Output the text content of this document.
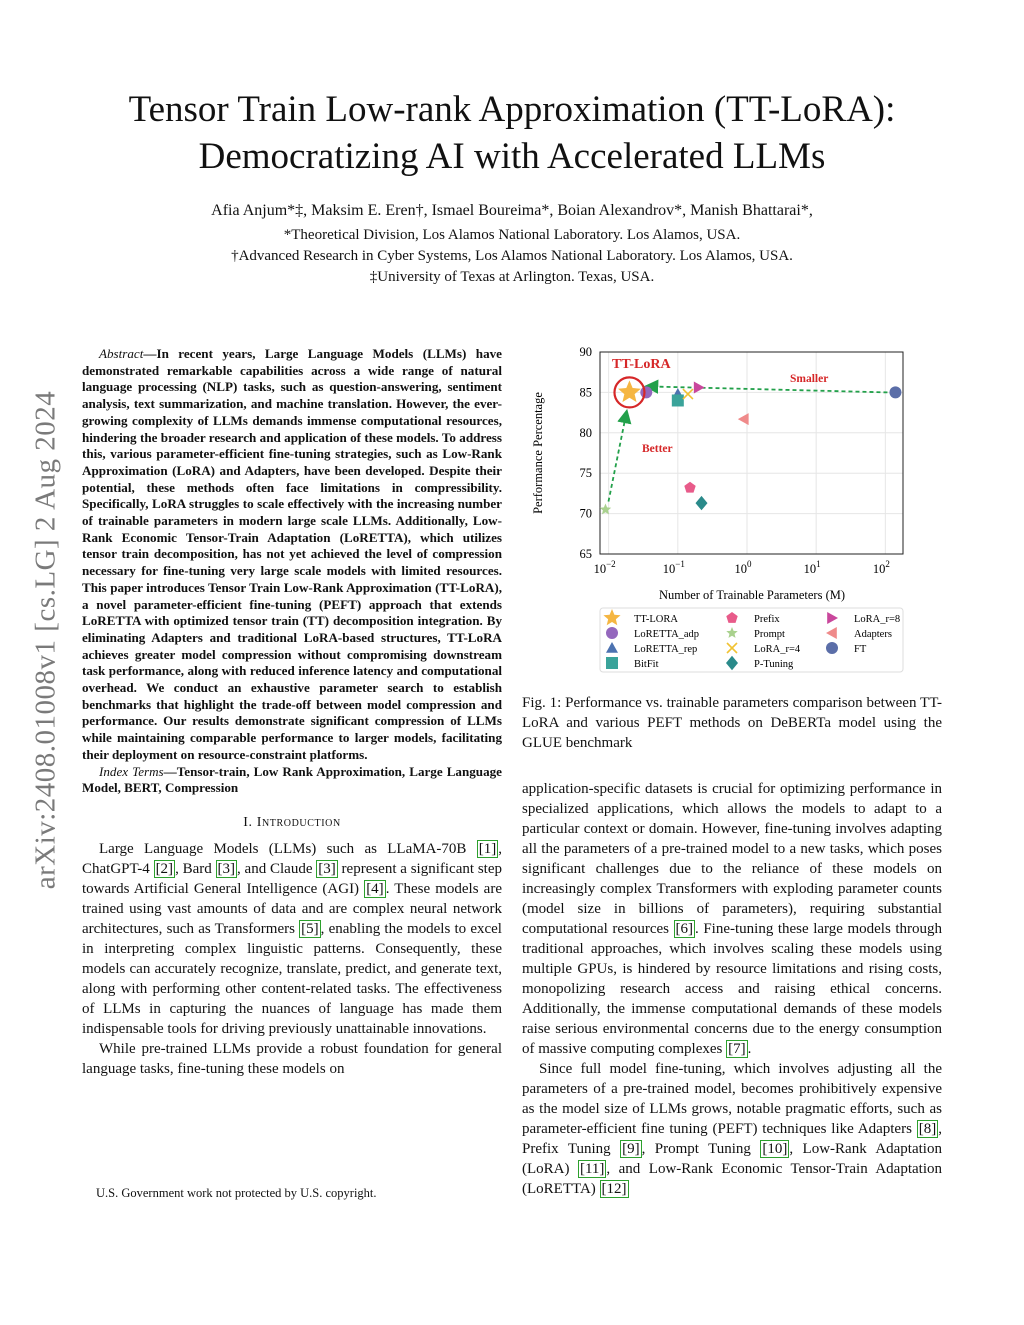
Tensor Train Low-rank Approximation (TT-LoRA):
Democratizing AI with Accelerated LLMs
Afia Anjum*‡, Maksim E. Eren†, Ismael Boureima*, Boian Alexandrov*, Manish Bhattarai*,
*Theoretical Division, Los Alamos National Laboratory. Los Alamos, USA.
†Advanced Research in Cyber Systems, Los Alamos National Laboratory. Los Alamos, USA.
‡University of Texas at Arlington. Texas, USA.
arXiv:2408.01008v1 [cs.LG] 2 Aug 2024

Abstract—In recent years, Large Language Models (LLMs) have demonstrated remarkable capabilities across a wide range of natural language processing (NLP) tasks, such as question-answering, sentiment analysis, text summarization, and machine translation. However, the ever-growing complexity of LLMs demands immense computational resources, hindering the broader research and application of these models. To address this, various parameter-efficient fine-tuning strategies, such as Low-Rank Approximation (LoRA) and Adapters, have been developed. Despite their potential, these methods often face limitations in compressibility. Specifically, LoRA struggles to scale effectively with the increasing number of trainable parameters in modern large scale LLMs. Additionally, Low-Rank Economic Tensor-Train Adaptation (LoRETTA), which utilizes tensor train decomposition, has not yet achieved the level of compression necessary for fine-tuning very large scale models with limited resources. This paper introduces Tensor Train Low-Rank Approximation (TT-LoRA), a novel parameter-efficient fine-tuning (PEFT) approach that extends LoRETTA with optimized tensor train (TT) decomposition integration. By eliminating Adapters and traditional LoRA-based structures, TT-LoRA achieves greater model compression without compromising downstream task performance, along with reduced inference latency and computational overhead. We conduct an exhaustive parameter search to establish benchmarks that highlight the trade-off between model compression and performance. Our results demonstrate significant compression of LLMs while maintaining comparable performance to larger models, facilitating their deployment on resource-constraint platforms.

Index Terms—Tensor-train, Low Rank Approximation, Large Language Model, BERT, Compression

I. Introduction

Large Language Models (LLMs) such as LLaMA-70B [1] , ChatGPT-4 [2] , Bard [3] , and Claude [3] represent a significant step towards Artificial General Intelligence (AGI) [4] . These models are trained using vast amounts of data and are complex neural network architectures, such as Transformers [5] , enabling the models to excel in interpreting complex linguistic patterns. Consequently, these models can accurately recognize, translate, predict, and generate text, along with performing other content-related tasks. The effectiveness of LLMs in capturing the nuances of language has made them indispensable tools for driving previously unattainable innovations.

While pre-trained LLMs provide a robust foundation for general language tasks, fine-tuning these models on

U.S. Government work not protected by U.S. copyright.
65
70
75
80
85
90
$10^{-2}$	$10^{-1}$	$10^0$	$10^1$	$10^2$
Performance Percentage
Number of Trainable Parameters (M)
TT-LoRA
Smaller
Better
TT-LORA
LoRETTA_adp
LoRETTA_rep
BitFit
Prefix
Prompt
LoRA_r=4
P-Tuning
LoRA_r=8
Adapters
FT
Fig. 1: Performance vs. trainable parameters comparison between TT-LoRA and various PEFT methods on DeBERTa model using the GLUE benchmark

application-specific datasets is crucial for optimizing performance in specialized applications, which allows the models to adapt to a particular context or domain. However, fine-tuning involves adapting all the parameters of a pre-trained model to a new tasks, which poses significant challenges due to the reliance of these models on increasingly complex Transformers with exploding parameter counts (model size in billions of parameters), requiring substantial computational resources [6] . Fine-tuning these large models through traditional approaches, which involves scaling these models using multiple GPUs, is hindered by resource limitations and rising costs, monopolizing research access and raising ethical concerns. Additionally, the immense computational demands of these models raise serious environmental concerns due to the energy consumption of massive computing complexes [7] .

Since full model fine-tuning, which involves adjusting all the parameters of a pre-trained model, becomes prohibitively expensive as the model size of LLMs grows, notable pragmatic efforts, such as parameter-efficient fine tuning (PEFT) techniques like Adapters [8] , Prefix Tuning [9] , Prompt Tuning [10] , Low-Rank Adaptation (LoRA) [11] , and Low-Rank Economic Tensor-Train Adaptation (LoRETTA) [12]
